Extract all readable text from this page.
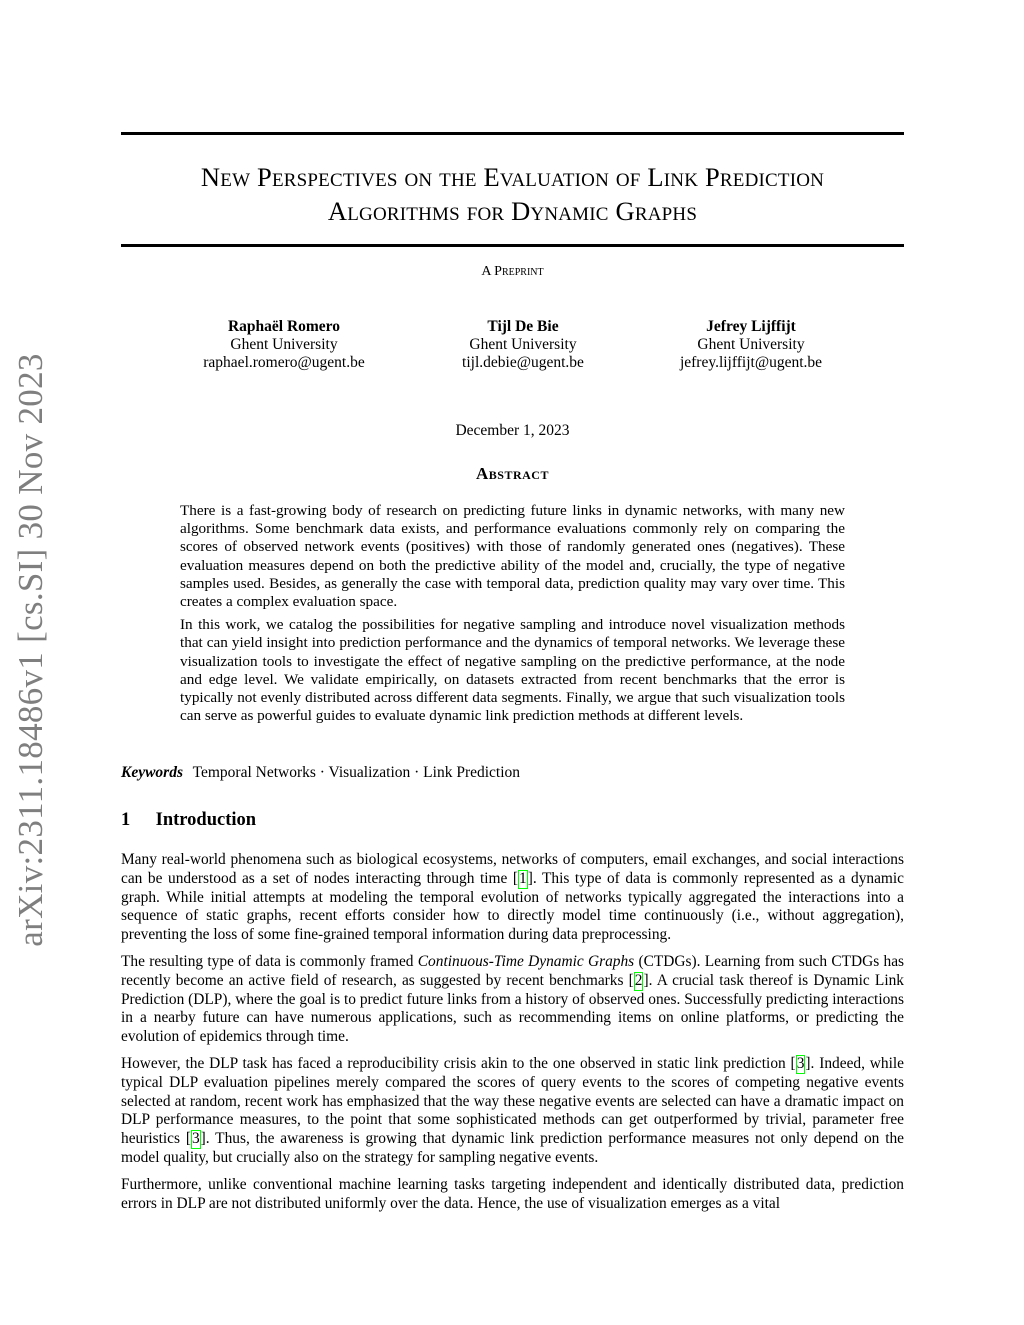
arXiv:2311.18486v1 [cs.SI] 30 Nov 2023
New Perspectives on the Evaluation of Link Prediction
Algorithms for Dynamic Graphs
A Preprint
Raphaël Romero
Ghent University
raphael.romero@ugent.be
Tijl De Bie
Ghent University
tijl.debie@ugent.be
Jefrey Lijffijt
Ghent University
jefrey.lijffijt@ugent.be
December 1, 2023
Abstract

There is a fast-growing body of research on predicting future links in dynamic networks, with many new algorithms. Some benchmark data exists, and performance evaluations commonly rely on comparing the scores of observed network events (positives) with those of randomly generated ones (negatives). These evaluation measures depend on both the predictive ability of the model and, crucially, the type of negative samples used. Besides, as generally the case with temporal data, prediction quality may vary over time. This creates a complex evaluation space.

In this work, we catalog the possibilities for negative sampling and introduce novel visualization methods that can yield insight into prediction performance and the dynamics of temporal networks. We leverage these visualization tools to investigate the effect of negative sampling on the predictive performance, at the node and edge level. We validate empirically, on datasets extracted from recent benchmarks that the error is typically not evenly distributed across different data segments. Finally, we argue that such visualization tools can serve as powerful guides to evaluate dynamic link prediction methods at different levels.

Keywords Temporal Networks · Visualization · Link Prediction
1 Introduction

Many real-world phenomena such as biological ecosystems, networks of computers, email exchanges, and social interactions can be understood as a set of nodes interacting through time [1]. This type of data is commonly represented as a dynamic graph. While initial attempts at modeling the temporal evolution of networks typically aggregated the interactions into a sequence of static graphs, recent efforts consider how to directly model time continuously (i.e., without aggregation), preventing the loss of some fine-grained temporal information during data preprocessing.

The resulting type of data is commonly framed Continuous-Time Dynamic Graphs (CTDGs). Learning from such CTDGs has recently become an active field of research, as suggested by recent benchmarks [2]. A crucial task thereof is Dynamic Link Prediction (DLP), where the goal is to predict future links from a history of observed ones. Successfully predicting interactions in a nearby future can have numerous applications, such as recommending items on online platforms, or predicting the evolution of epidemics through time.

However, the DLP task has faced a reproducibility crisis akin to the one observed in static link prediction [3]. Indeed, while typical DLP evaluation pipelines merely compared the scores of query events to the scores of competing negative events selected at random, recent work has emphasized that the way these negative events are selected can have a dramatic impact on DLP performance measures, to the point that some sophisticated methods can get outperformed by trivial, parameter free heuristics [3]. Thus, the awareness is growing that dynamic link prediction performance measures not only depend on the model quality, but crucially also on the strategy for sampling negative events.

Furthermore, unlike conventional machine learning tasks targeting independent and identically distributed data, prediction errors in DLP are not distributed uniformly over the data. Hence, the use of visualization emerges as a vital
